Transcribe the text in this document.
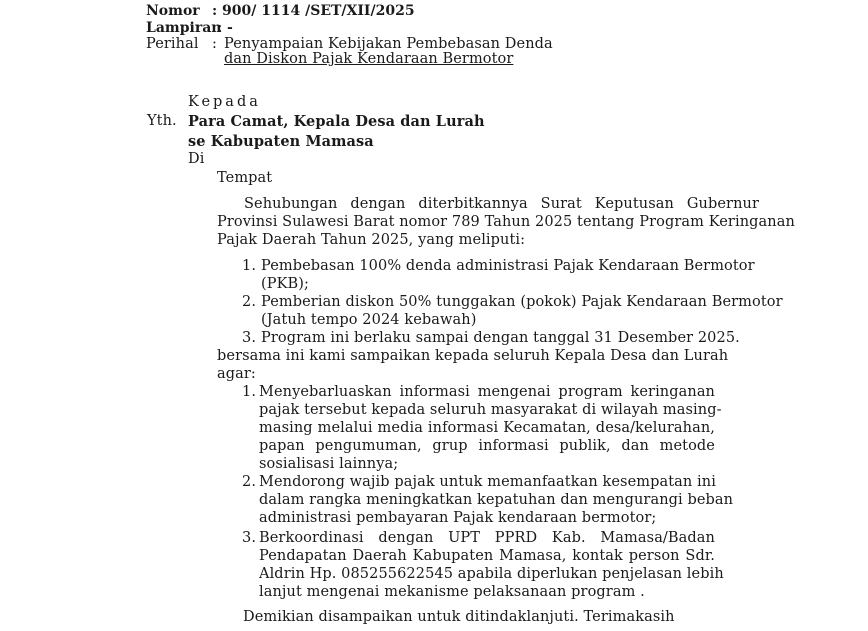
Nomor : 900/ 1114 /SET/XII/2025
Lampiran
: -
Perihal : Penyampaian Kebijakan Pembebasan Denda
dan Diskon Pajak Kendaraan Bermotor
Kepada
Yth. Para Camat, Kepala Desa dan Lurah
se Kabupaten Mamasa
Di
Tempat
Sehubungan dengan diterbitkannya Surat Keputusan Gubernur
Provinsi Sulawesi Barat nomor 789 Tahun 2025 tentang Program Keringanan
Pajak Daerah Tahun 2025, yang meliputi:
1. Pembebasan 100% denda administrasi Pajak Kendaraan Bermotor
(PKB);
2. Pemberian diskon 50% tunggakan (pokok) Pajak Kendaraan Bermotor
(Jatuh tempo 2024 kebawah)
3. Program ini berlaku sampai dengan tanggal 31 Desember 2025.
bersama ini kami sampaikan kepada seluruh Kepala Desa dan Lurah
agar:
1. Menyebarluaskan informasi mengenai program keringanan
pajak tersebut kepada seluruh masyarakat di wilayah masing-
masing melalui media informasi Kecamatan, desa/kelurahan,
papan pengumuman, grup informasi publik, dan metode
sosialisasi lainnya;
2. Mendorong wajib pajak untuk memanfaatkan kesempatan ini
dalam rangka meningkatkan kepatuhan dan mengurangi beban
administrasi pembayaran Pajak kendaraan bermotor;
3. Berkoordinasi dengan UPT PPRD Kab. Mamasa/Badan
Pendapatan Daerah Kabupaten Mamasa, kontak person Sdr.
Aldrin Hp. 085255622545 apabila diperlukan penjelasan lebih
lanjut mengenai mekanisme pelaksanaan program .
Demikian disampaikan untuk ditindaklanjuti. Terimakasih
